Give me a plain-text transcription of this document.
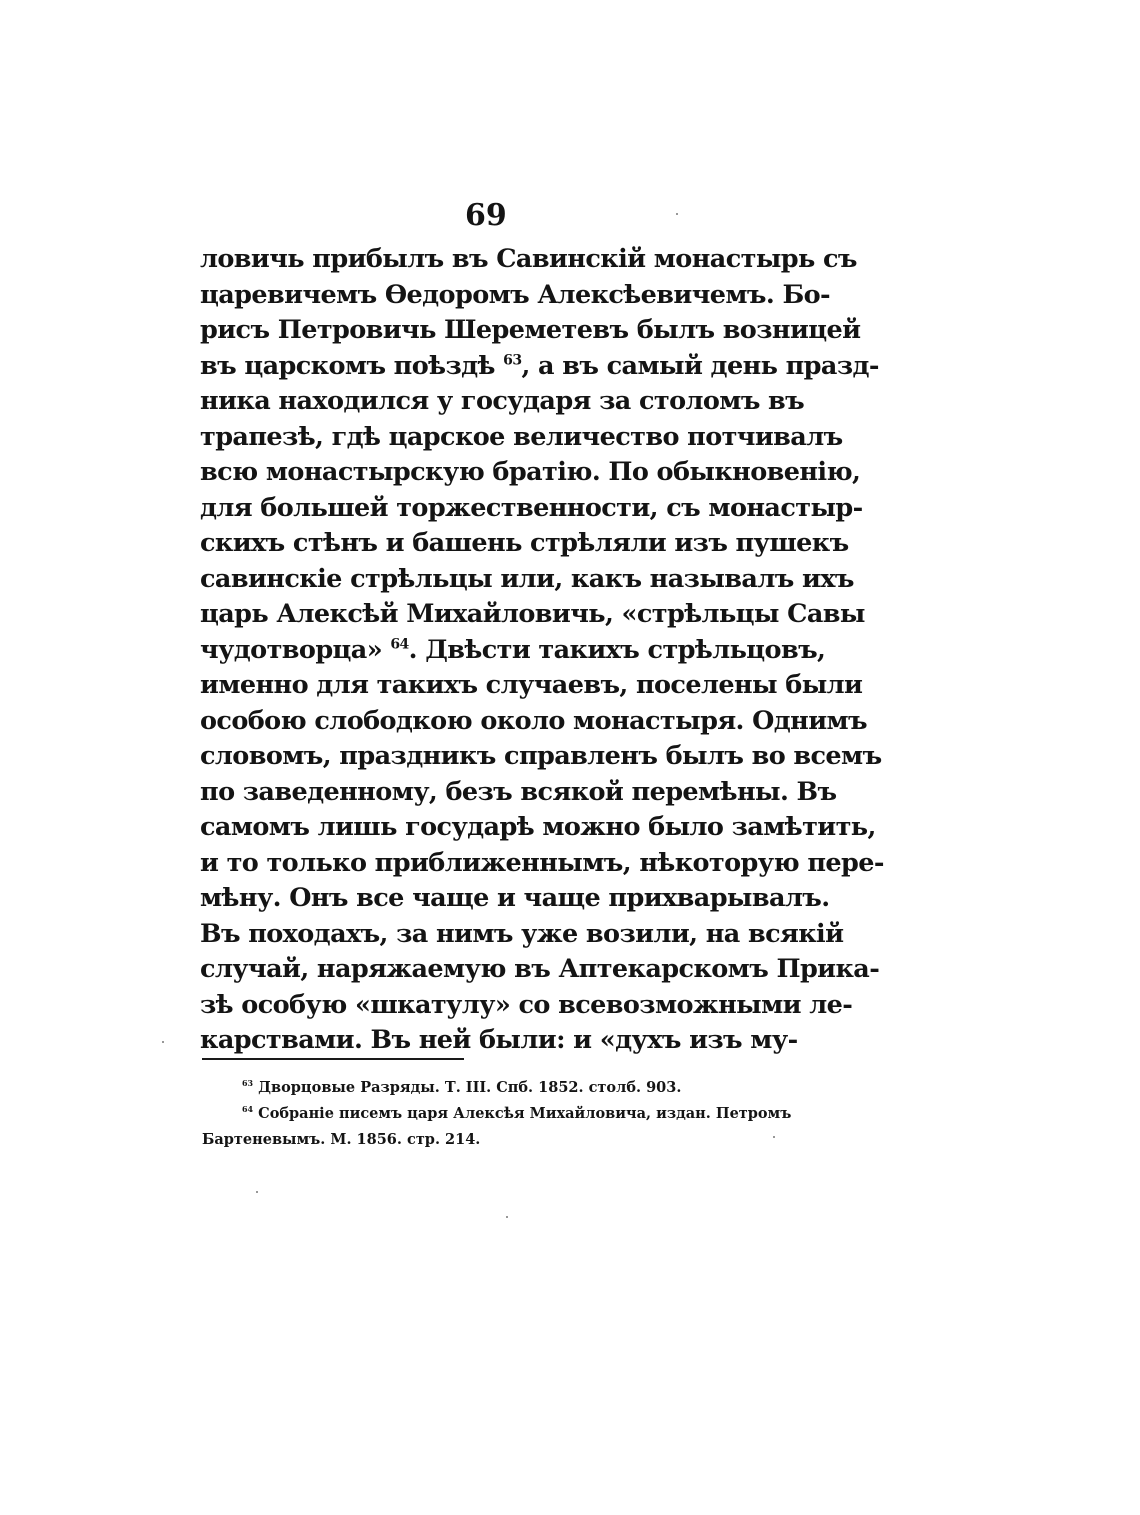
69
ловичь прибылъ въ Савинскій монастырь съ
царевичемъ Ѳедоромъ Алексѣевичемъ. Бо-
рисъ Петровичь Шереметевъ былъ возницей
въ царскомъ поѣздѣ $^{63}$, а въ самый день празд-
ника находился у государя за столомъ въ
трапезѣ, гдѣ царское величество потчивалъ
всю монастырскую братію. По обыкновенію,
для большей торжественности, съ монастыр-
скихъ стѣнъ и башень стрѣляли изъ пушекъ
савинскіе стрѣльцы или, какъ называлъ ихъ
царь Алексѣй Михайловичь, «стрѣльцы Савы
чудотворца» $^{64}$. Двѣсти такихъ стрѣльцовъ,
именно для такихъ случаевъ, поселены были
особою слободкою около монастыря. Однимъ
словомъ, праздникъ справленъ былъ во всемъ
по заведенному, безъ всякой перемѣны. Въ
самомъ лишь государѣ можно было замѣтить,
и то только приближеннымъ, нѣкоторую пере-
мѣну. Онъ все чаще и чаще прихварывалъ.
Въ походахъ, за нимъ уже возили, на всякій
случай, наряжаемую въ Аптекарскомъ Прика-
зѣ особую «шкатулу» со всевозможными ле-
карствами. Въ ней были: и «духъ изъ му-
$^{63}$ Дворцовые Разряды. Т. III. Спб. 1852. столб. 903.
$^{64}$ Собраніе писемъ царя Алексѣя Михайловича, издан. Петромъ
Бартеневымъ. М. 1856. стр. 214.
